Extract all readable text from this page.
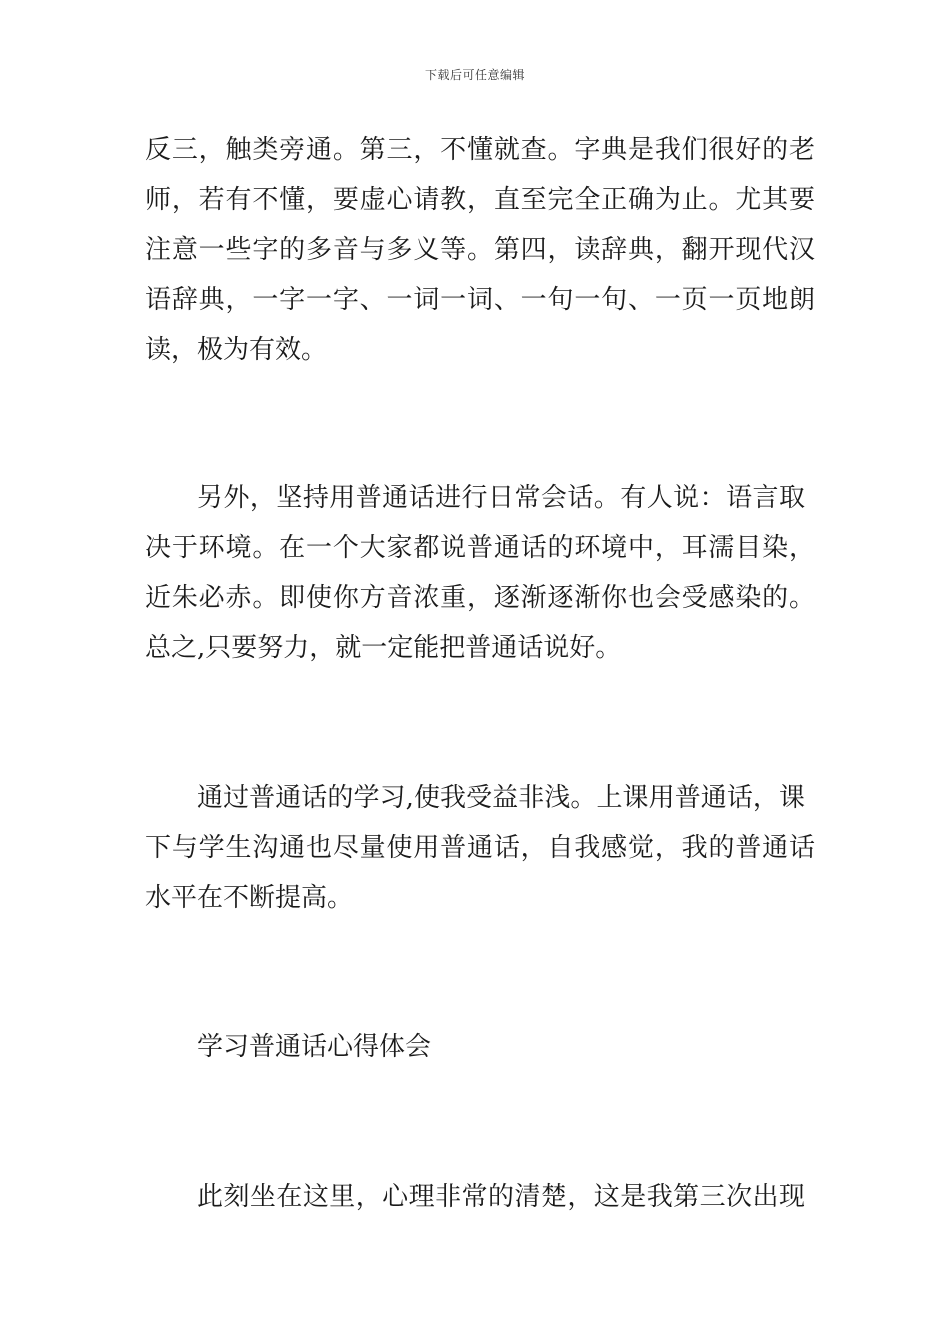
下载后可任意编辑
反三，触类旁通。第三，不懂就查。字典是我们很好的老
师，若有不懂，要虚心请教，直至完全正确为止。尤其要
注意一些字的多音与多义等。第四，读辞典，翻开现代汉
语辞典，一字一字、一词一词、一句一句、一页一页地朗
读，极为有效。
另外，坚持用普通话进行日常会话。有人说：语言取
决于环境。在一个大家都说普通话的环境中，耳濡目染，
近朱必赤。即使你方音浓重，逐渐逐渐你也会受感染的。
总之,只要努力，就一定能把普通话说好。
通过普通话的学习,使我受益非浅。上课用普通话，课
下与学生沟通也尽量使用普通话，自我感觉，我的普通话
水平在不断提高。
学习普通话心得体会
此刻坐在这里，心理非常的清楚，这是我第三次出现
